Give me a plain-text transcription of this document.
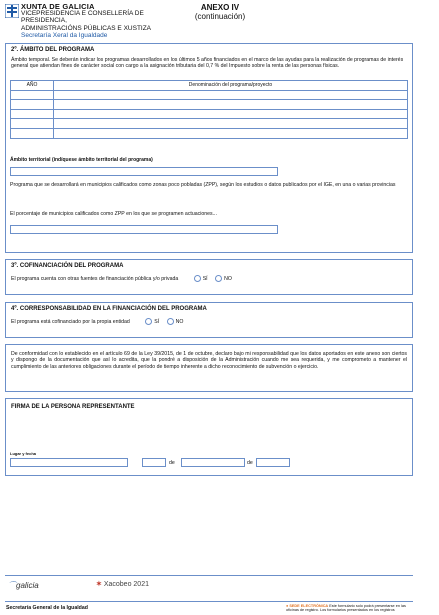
XUNTA DE GALICIA
VICEPRESIDENCIA E CONSELLERÍA DE PRESIDENCIA,
ADMINISTRACIÓNS PÚBLICAS E XUSTIZA
Secretaría Xeral da Igualdade
ANEXO IV
(continuación)
2º. ÁMBITO DEL PROGRAMA
Ámbito temporal. Se deberán indicar los programas desarrollados en los últimos 5 años financiados en el marco de las ayudas para la realización de programas de interés general que atiendan fines de carácter social con cargo a la asignación tributaria del 0,7 % del Impuesto sobre la renta de las personas físicas.
AÑO	Denominación del programa/proyecto

Ámbito territorial (indíquese ámbito territorial del programa)
Programa que se desarrollará en municipios calificados como zonas poco pobladas (ZPP), según los estudios o datos publicados por el IGE, en una o varias provincias
El porcentaje de municipios calificados como ZPP en los que se programen actuaciones...
3º. COFINANCIACIÓN DEL PROGRAMA
El programa cuenta con otras fuentes de financiación pública y/o privada	SÍ	NO
4º. CORRESPONSABILIDAD EN LA FINANCIACIÓN DEL PROGRAMA
El programa está cofinanciado por la propia entidad	SÍ	NO
De conformidad con lo establecido en el artículo 69 de la Ley 39/2015, de 1 de octubre, declaro bajo mi responsabilidad que los datos aportados en este anexo son ciertos y dispongo de la documentación que así lo acredita, que la pondré a disposición de la Administración cuando me sea requerida, y me comprometo a mantener el cumplimiento de las anteriores obligaciones durante el período de tiempo inherente a dicho reconocimiento de subvención o ejercicio.
FIRMA DE LA PERSONA REPRESENTANTE
Lugar y fecha
de	de
⌒galicia	✶ Xacobeo 2021
Secretaría General de la Igualdad	● SEDE ELECTRÓNICA Este formulario solo podrá presentarse en las oficinas de registro. Los formularios presentados en los registros
